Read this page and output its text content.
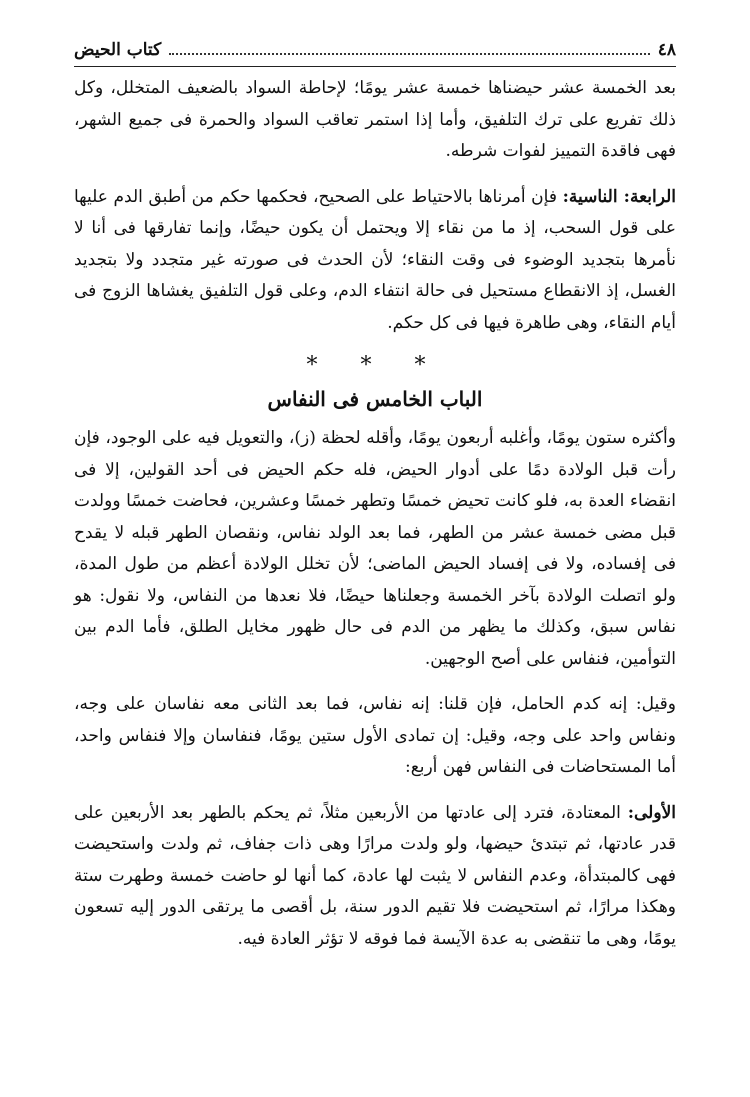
٤٨
كتاب الحيض

بعد الخمسة عشر حيضناها خمسة عشر يومًا؛ لإحاطة السواد بالضعيف المتخلل، وكل ذلك تفريع على ترك التلفيق، وأما إذا استمر تعاقب السواد والحمرة فى جميع الشهر، فهى فاقدة التمييز لفوات شرطه.

الرابعة: الناسية: فإن أمرناها بالاحتياط على الصحيح، فحكمها حكم من أطبق الدم عليها على قول السحب، إذ ما من نقاء إلا ويحتمل أن يكون حيضًا، وإنما تفارقها فى أنا لا نأمرها بتجديد الوضوء فى وقت النقاء؛ لأن الحدث فى صورته غير متجدد ولا بتجديد الغسل، إذ الانقطاع مستحيل فى حالة انتفاء الدم، وعلى قول التلفيق يغشاها الزوج فى أيام النقاء، وهى طاهرة فيها فى كل حكم.

* * *
الباب الخامس فى النفاس

وأكثره ستون يومًا، وأغلبه أربعون يومًا، وأقله لحظة (ز)، والتعويل فيه على الوجود، فإن رأت قبل الولادة دمًا على أدوار الحيض، فله حكم الحيض فى أحد القولين، إلا فى انقضاء العدة به، فلو كانت تحيض خمسًا وتطهر خمسًا وعشرين، فحاضت خمسًا وولدت قبل مضى خمسة عشر من الطهر، فما بعد الولد نفاس، ونقصان الطهر قبله لا يقدح فى إفساده، ولا فى إفساد الحيض الماضى؛ لأن تخلل الولادة أعظم من طول المدة، ولو اتصلت الولادة بآخر الخمسة وجعلناها حيضًا، فلا نعدها من النفاس، ولا نقول: هو نفاس سبق، وكذلك ما يظهر من الدم فى حال ظهور مخايل الطلق، فأما الدم بين التوأمين، فنفاس على أصح الوجهين.

وقيل: إنه كدم الحامل، فإن قلنا: إنه نفاس، فما بعد الثانى معه نفاسان على وجه، ونفاس واحد على وجه، وقيل: إن تمادى الأول ستين يومًا، فنفاسان وإلا فنفاس واحد، أما المستحاضات فى النفاس فهن أربع:

الأولى: المعتادة، فترد إلى عادتها من الأربعين مثلاً، ثم يحكم بالطهر بعد الأربعين على قدر عادتها، ثم تبتدئ حيضها، ولو ولدت مرارًا وهى ذات جفاف، ثم ولدت واستحيضت فهى كالمبتدأة، وعدم النفاس لا يثبت لها عادة، كما أنها لو حاضت خمسة وطهرت ستة وهكذا مرارًا، ثم استحيضت فلا تقيم الدور سنة، بل أقصى ما يرتقى الدور إليه تسعون يومًا، وهى ما تنقضى به عدة الآيسة فما فوقه لا تؤثر العادة فيه.
